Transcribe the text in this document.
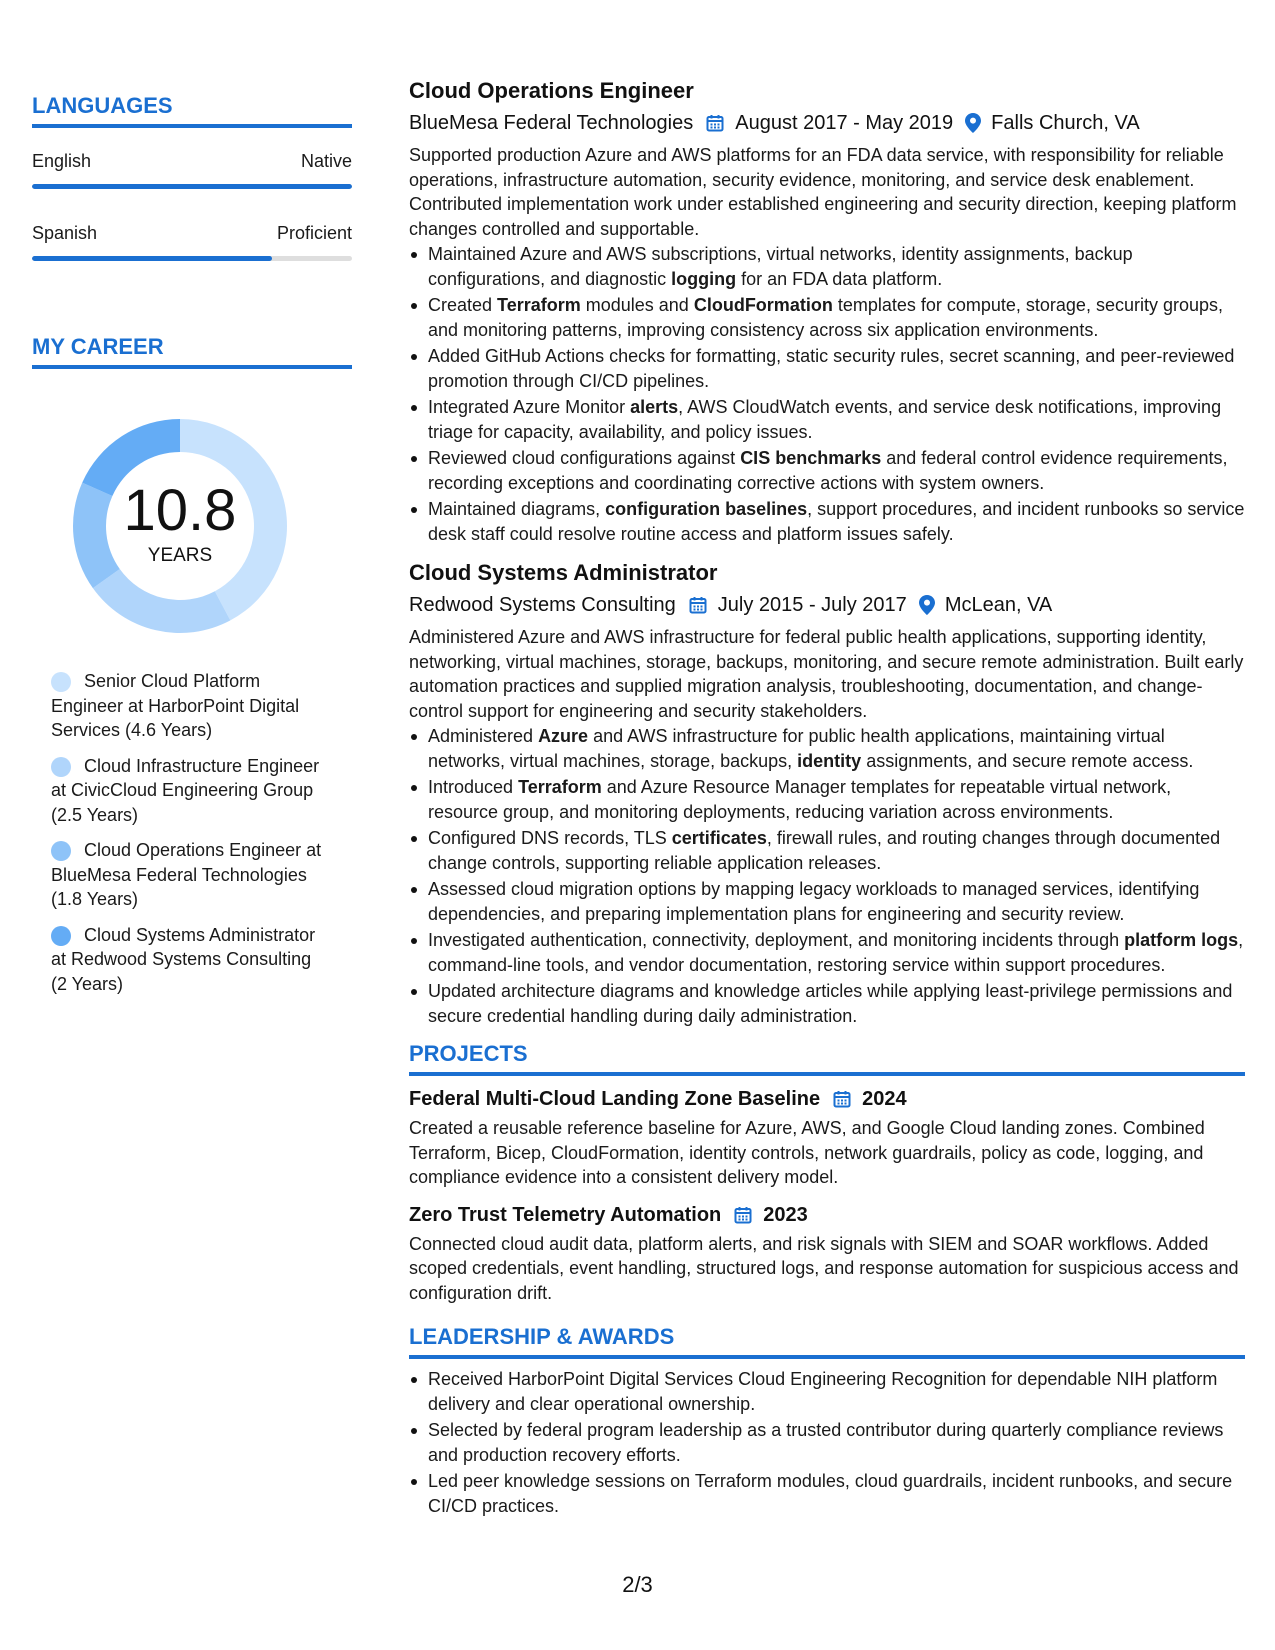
LANGUAGES
English	Native
Spanish	Proficient
MY CAREER
10.8
YEARS
Senior Cloud Platform Engineer at HarborPoint Digital Services (4.6 Years)
Cloud Infrastructure Engineer at CivicCloud Engineering Group (2.5 Years)
Cloud Operations Engineer at BlueMesa Federal Technologies (1.8 Years)
Cloud Systems Administrator at Redwood Systems Consulting (2 Years)
Cloud Operations Engineer
BlueMesa Federal Technologies August 2017 - May 2019 Falls Church, VA
Supported production Azure and AWS platforms for an FDA data service, with responsibility for reliable operations, infrastructure automation, security evidence, monitoring, and service desk enablement. Contributed implementation work under established engineering and security direction, keeping platform changes controlled and supportable.
Maintained Azure and AWS subscriptions, virtual networks, identity assignments, backup configurations, and diagnostic logging for an FDA data platform.
Created Terraform modules and CloudFormation templates for compute, storage, security groups, and monitoring patterns, improving consistency across six application environments.
Added GitHub Actions checks for formatting, static security rules, secret scanning, and peer-reviewed promotion through CI/CD pipelines.
Integrated Azure Monitor alerts, AWS CloudWatch events, and service desk notifications, improving triage for capacity, availability, and policy issues.
Reviewed cloud configurations against CIS benchmarks and federal control evidence requirements, recording exceptions and coordinating corrective actions with system owners.
Maintained diagrams, configuration baselines, support procedures, and incident runbooks so service desk staff could resolve routine access and platform issues safely.
Cloud Systems Administrator
Redwood Systems Consulting July 2015 - July 2017 McLean, VA
Administered Azure and AWS infrastructure for federal public health applications, supporting identity, networking, virtual machines, storage, backups, monitoring, and secure remote administration. Built early automation practices and supplied migration analysis, troubleshooting, documentation, and change-control support for engineering and security stakeholders.
Administered Azure and AWS infrastructure for public health applications, maintaining virtual networks, virtual machines, storage, backups, identity assignments, and secure remote access.
Introduced Terraform and Azure Resource Manager templates for repeatable virtual network, resource group, and monitoring deployments, reducing variation across environments.
Configured DNS records, TLS certificates, firewall rules, and routing changes through documented change controls, supporting reliable application releases.
Assessed cloud migration options by mapping legacy workloads to managed services, identifying dependencies, and preparing implementation plans for engineering and security review.
Investigated authentication, connectivity, deployment, and monitoring incidents through platform logs, command-line tools, and vendor documentation, restoring service within support procedures.
Updated architecture diagrams and knowledge articles while applying least-privilege permissions and secure credential handling during daily administration.
PROJECTS
Federal Multi-Cloud Landing Zone Baseline 2024
Created a reusable reference baseline for Azure, AWS, and Google Cloud landing zones. Combined Terraform, Bicep, CloudFormation, identity controls, network guardrails, policy as code, logging, and compliance evidence into a consistent delivery model.
Zero Trust Telemetry Automation 2023
Connected cloud audit data, platform alerts, and risk signals with SIEM and SOAR workflows. Added scoped credentials, event handling, structured logs, and response automation for suspicious access and configuration drift.
LEADERSHIP & AWARDS
Received HarborPoint Digital Services Cloud Engineering Recognition for dependable NIH platform delivery and clear operational ownership.
Selected by federal program leadership as a trusted contributor during quarterly compliance reviews and production recovery efforts.
Led peer knowledge sessions on Terraform modules, cloud guardrails, incident runbooks, and secure CI/CD practices.
2/3
